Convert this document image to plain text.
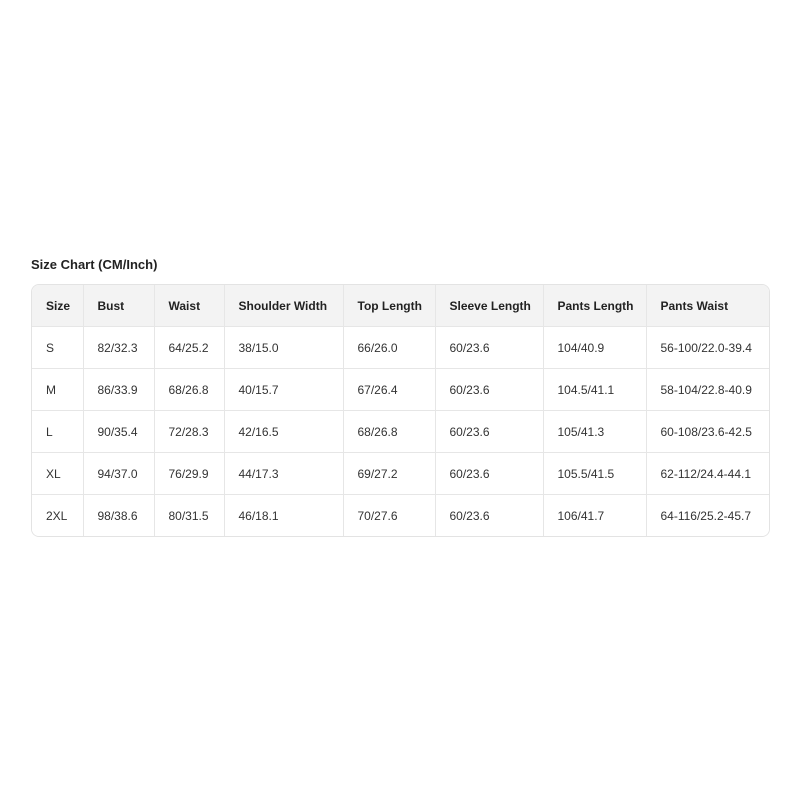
Size Chart (CM/Inch)
Size	Bust	Waist	Shoulder Width	Top Length	Sleeve Length	Pants Length	Pants Waist
S	82/32.3	64/25.2	38/15.0	66/26.0	60/23.6	104/40.9	56-100/22.0-39.4
M	86/33.9	68/26.8	40/15.7	67/26.4	60/23.6	104.5/41.1	58-104/22.8-40.9
L	90/35.4	72/28.3	42/16.5	68/26.8	60/23.6	105/41.3	60-108/23.6-42.5
XL	94/37.0	76/29.9	44/17.3	69/27.2	60/23.6	105.5/41.5	62-112/24.4-44.1
2XL	98/38.6	80/31.5	46/18.1	70/27.6	60/23.6	106/41.7	64-116/25.2-45.7
